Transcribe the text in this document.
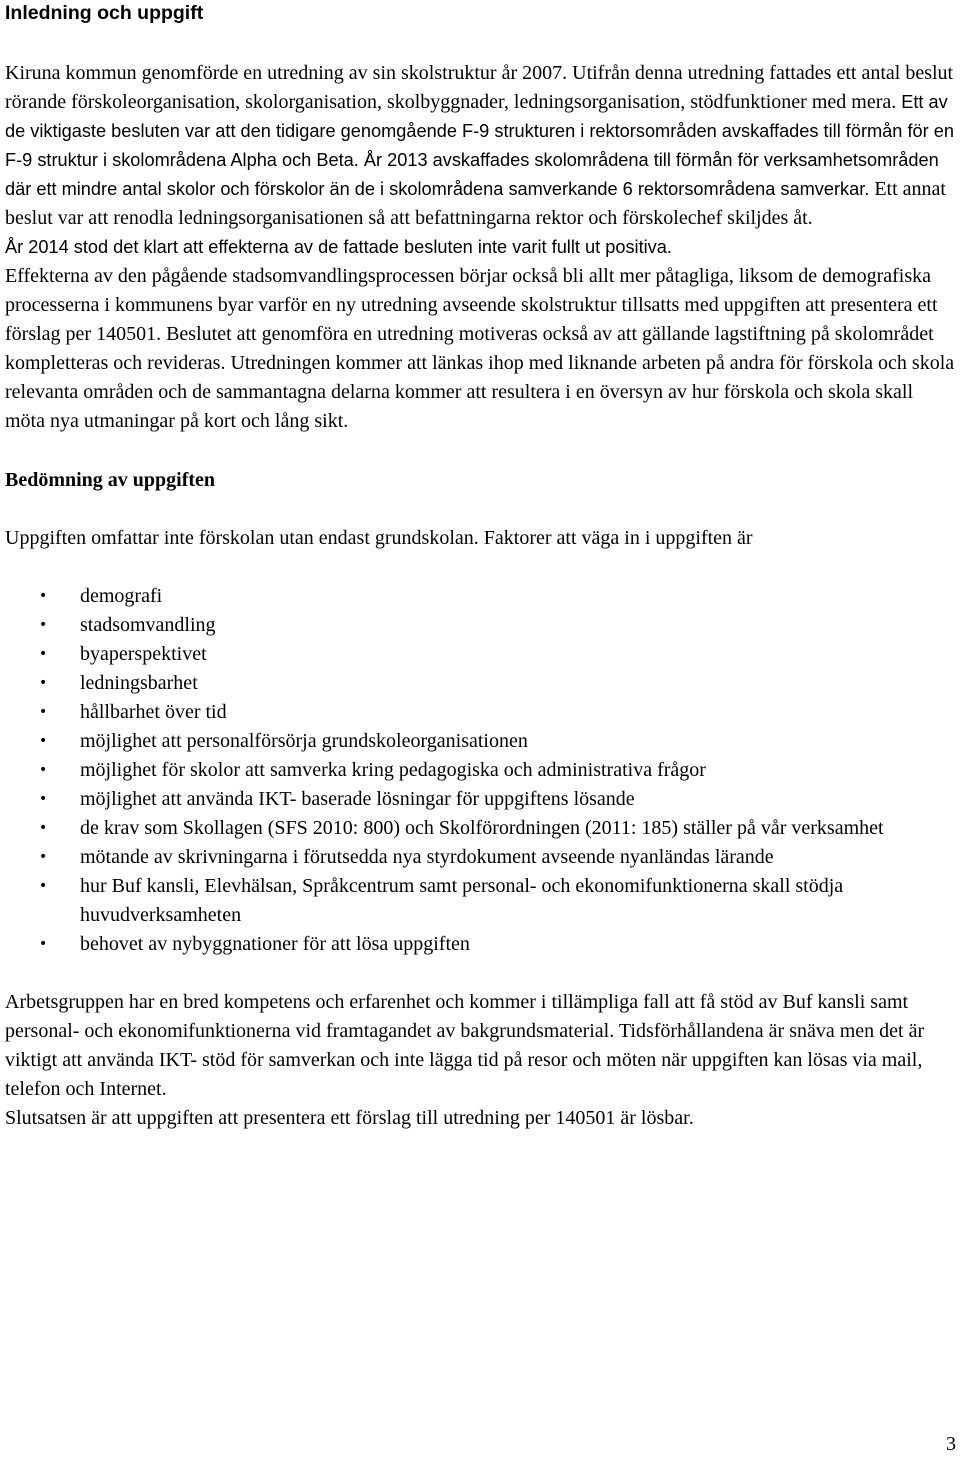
Inledning och uppgift

Kiruna kommun genomförde en utredning av sin skolstruktur år 2007. Utifrån denna utredning fattades ett antal beslut rörande förskoleorganisation, skolorganisation, skolbyggnader, ledningsorganisation, stödfunktioner med mera. Ett av de viktigaste besluten var att den tidigare genomgående F-9 strukturen i rektorsområden avskaffades till förmån för en F-9 struktur i skolområdena Alpha och Beta. År 2013 avskaffades skolområdena till förmån för verksamhetsområden där ett mindre antal skolor och förskolor än de i skolområdena samverkande 6 rektorsområdena samverkar. Ett annat beslut var att renodla ledningsorganisationen så att befattningarna rektor och förskolechef skiljdes åt.
År 2014 stod det klart att effekterna av de fattade besluten inte varit fullt ut positiva.
Effekterna av den pågående stadsomvandlingsprocessen börjar också bli allt mer påtagliga, liksom de demografiska processerna i kommunens byar varför en ny utredning avseende skolstruktur tillsatts med uppgiften att presentera ett förslag per 140501. Beslutet att genomföra en utredning motiveras också av att gällande lagstiftning på skolområdet kompletteras och revideras. Utredningen kommer att länkas ihop med liknande arbeten på andra för förskola och skola relevanta områden och de sammantagna delarna kommer att resultera i en översyn av hur förskola och skola skall möta nya utmaningar på kort och lång sikt.

Bedömning av uppgiften

Uppgiften omfattar inte förskolan utan endast grundskolan. Faktorer att väga in i uppgiften är

• demografi
• stadsomvandling
• byaperspektivet
• ledningsbarhet
• hållbarhet över tid
• möjlighet att personalförsörja grundskoleorganisationen
• möjlighet för skolor att samverka kring pedagogiska och administrativa frågor
• möjlighet att använda IKT- baserade lösningar för uppgiftens lösande
• de krav som Skollagen (SFS 2010: 800) och Skolförordningen (2011: 185) ställer på vår verksamhet
• mötande av skrivningarna i förutsedda nya styrdokument avseende nyanländas lärande
• hur Buf kansli, Elevhälsan, Språkcentrum samt personal- och ekonomifunktionerna skall stödja huvudverksamheten
• behovet av nybyggnationer för att lösa uppgiften

Arbetsgruppen har en bred kompetens och erfarenhet och kommer i tillämpliga fall att få stöd av Buf kansli samt personal- och ekonomifunktionerna vid framtagandet av bakgrundsmaterial. Tidsförhållandena är snäva men det är viktigt att använda IKT- stöd för samverkan och inte lägga tid på resor och möten när uppgiften kan lösas via mail, telefon och Internet.

Slutsatsen är att uppgiften att presentera ett förslag till utredning per 140501 är lösbar.

3
